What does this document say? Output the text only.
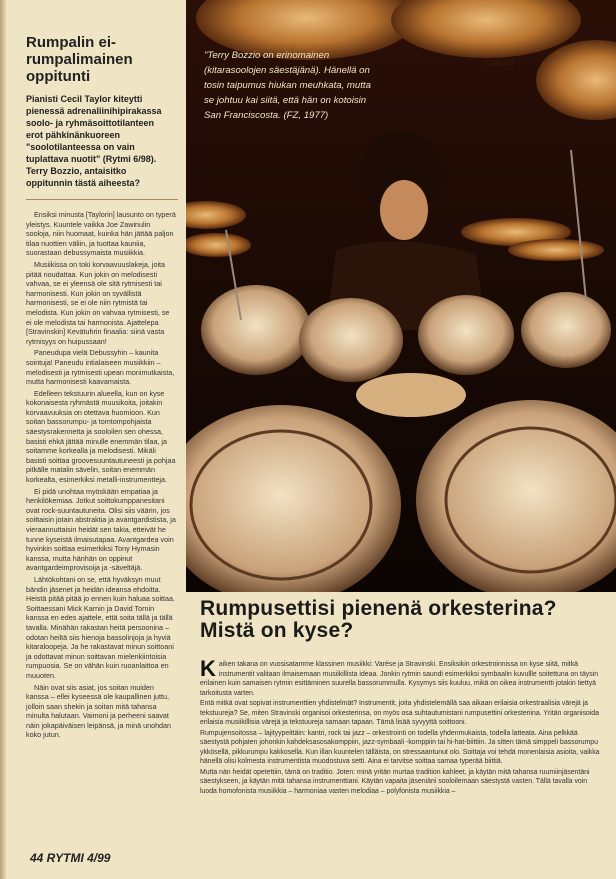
Rumpalin ei-rumpalimainen oppitunti

Pianisti Cecil Taylor kiteytti pienessä adrenaliinihipirakassa soolo- ja ryhmäsoittotilanteen erot pähkinänkuoreen "soolotilanteessa on vain tuplattava nuotit" (Rytmi 6/98). Terry Bozzio, antaisitko oppitunnin tästä aiheesta?

Ensiksi minusta [Taylorin] lausunto on typerä yleistys. Kuuntele vaikka Joe Zawinulin sooloja, niin huomaat, kuinka hän jättää paljon tilaa nuottien väliin, ja tuottaa kauniia, suorastaan debussymaista musiikkia.

Musiikissa on toki korvaavuuslakeja, joita pitää noudattaa. Kun jokin on melodisesti vahvaa, se ei yleensä ole sitä rytmisesti tai harmonisesti. Kun jokin on syvällistä harmonisesti, se ei ole niin rytmistä tai melodista. Kun jokin on vahvaa rytmisesti, se ei ole melodista tai harmonista. Ajattelepa [Stravinskin] Kevätuhrin finaalia: siinä vasta rytmisyys on huipussaan!

Paneudupa vielä Debussyhin – kaunita sointuja! Paneudu intialaiseen musiikkiin – melodisesti ja rytmisesti upean monimutkaista, mutta harmonisesti kaavamaista.

Edelleen tekstuurin alueella, kun on kyse kokonaisesta ryhmästä muusikoita, joitakin korvaavuuksia on otettava huomioon. Kun soitan bassorumpu- ja tomtompohjaista säestysrakennetta ja sooloilen sen ohessa, basisti ehkä jättää minulle enemmän tilaa, ja soitamme korkealla ja melodisesti. Mikäli basisti soittaa groovesuuntautuneesti ja pohjaa pitkälle matalin sävelin, soitan enemmän korkealta, esimerkiksi metalli-instrumentteja.

Ei pidä unohtaa myöskään empatiaa ja henkilökemiaa. Jotkut soittokumppanesitani ovat rock-suuntautuneita. Olisi siis väärin, jos soittaisin jotain abstraktia ja avantgardistista, ja vieraannuttaisin heidät sen takia, etteivät he tunne kyseistä ilmaisutapaa. Avantgardea voin hyvinkin soittaa esimerkiksi Tony Hymasin kanssa, mutta hänhän on oppinut avantgardeimprovisoija ja -säveltäjä.

Lähtökohtani on se, että hyväksyn muut bändin jäsenet ja heidän ideansa ehdoitta. Heistä pitää pitää jo ennen kuin haluaa soittaa. Soittaessani Mick Karnin ja David Tornin kanssa en edes ajattele, että soita tällä ja tällä tavalla. Minähän rakastan heitä persoonina – odotan heiltä siis hienoja bassolinjoja ja hyviä kitaraloopeja. Ja he rakastavat minun soittoani ja odottavat minun soittavan mielenkiintoisia rumpuosia. Se on vähän kuin ruoanlaittoa en muuoten.

Näin ovat siis asiat, jos soitan muiden kanssa – ellei kyseessä ole kaupallinen juttu, jolloin saan shekin ja soitan mitä tahansa minulta halutaan. Vaimoni ja perheeni saavat näin jokapäiväisen leipänsä, ja minä unohdan koko jutun.

44 RYTMI 4/99
SABIAN
"Terry Bozzio on erinomainen (kitarasoolojen säestäjänä). Hänellä on tosin taipumus hiukan meuhkata, mutta se johtuu kai siitä, että hän on kotoisin San Franciscosta. (FZ, 1977)
Rumpusettisi pienenä orkesterina? Mistä on kyse?

Kaiken takana on vuosisatamme klassinen musiikki: Varèse ja Stravinski. Ensiksikin orkestroinnissa on kyse siitä, mitkä instrumentit valitaan ilmaisemaan musiikillista ideaa. Jonkin rytmin saundi esimerkiksi symbaalin kuvullle soitettuna on täysin erilainen kuin samaisen rytmin esittäminen suurella bassorummulla. Kysymys siis kuuluu, mikä on oikea instrumentti jotakin tiettyä tarkoitusta varten.

Entä mitkä ovat sopivat instrumenttien yhdistelmät? Instrumentit, joita yhdistelemällä saa aikaan erilaisia orkestraalisia värejä ja tekstuureja? Se, miten Stravinski organisoi orkesterinsa, on myös osa suhtautumistani rumpusettini orkesteriina. Yritän organisoida erilaisia musiikillisia värejä ja tekstuureja samaan tapaan. Tämä lisää syvyyttä soittooni.

Rumpujensoitossa – lajityypeittäin: kantri, rock tai jazz – orkestrointi on todella yhdenmukaista, todella latteata. Aina pelkkää säestystä pohjaten johonkin kahdeksasosakomppiin, jazz-symbaali -komppiin tai hi-hat-biittiin. Ja sitten tämä simppeli bassorumpu ykkösellä, pikkurumpu kakkosella. Kun illan kuuntelen tälläista, on stressaantunut olo. Soittaja voi tehdä monenlaisia asioita, vaikka hänellä olisi kolmesta instrumentista muodostuva setti. Aina ei tarvitse soittaa samaa typerää biittiä.

Mutta nän heidät opetettiin, tämä on traditio. Joten: minä yritän murtaa tradition kahleet, ja käytän mitä tahansa ruumiinjäsentäni säestykseen, ja käytän mitä tahansa instrumenttiani. Käytän vapaita jäseniäni sooloilemaan säestystä vasten. Tällä tavalla voin luoda homofonista musiikkia – harmoniaa vasten melodiaa – polyfonista musiikkia –
